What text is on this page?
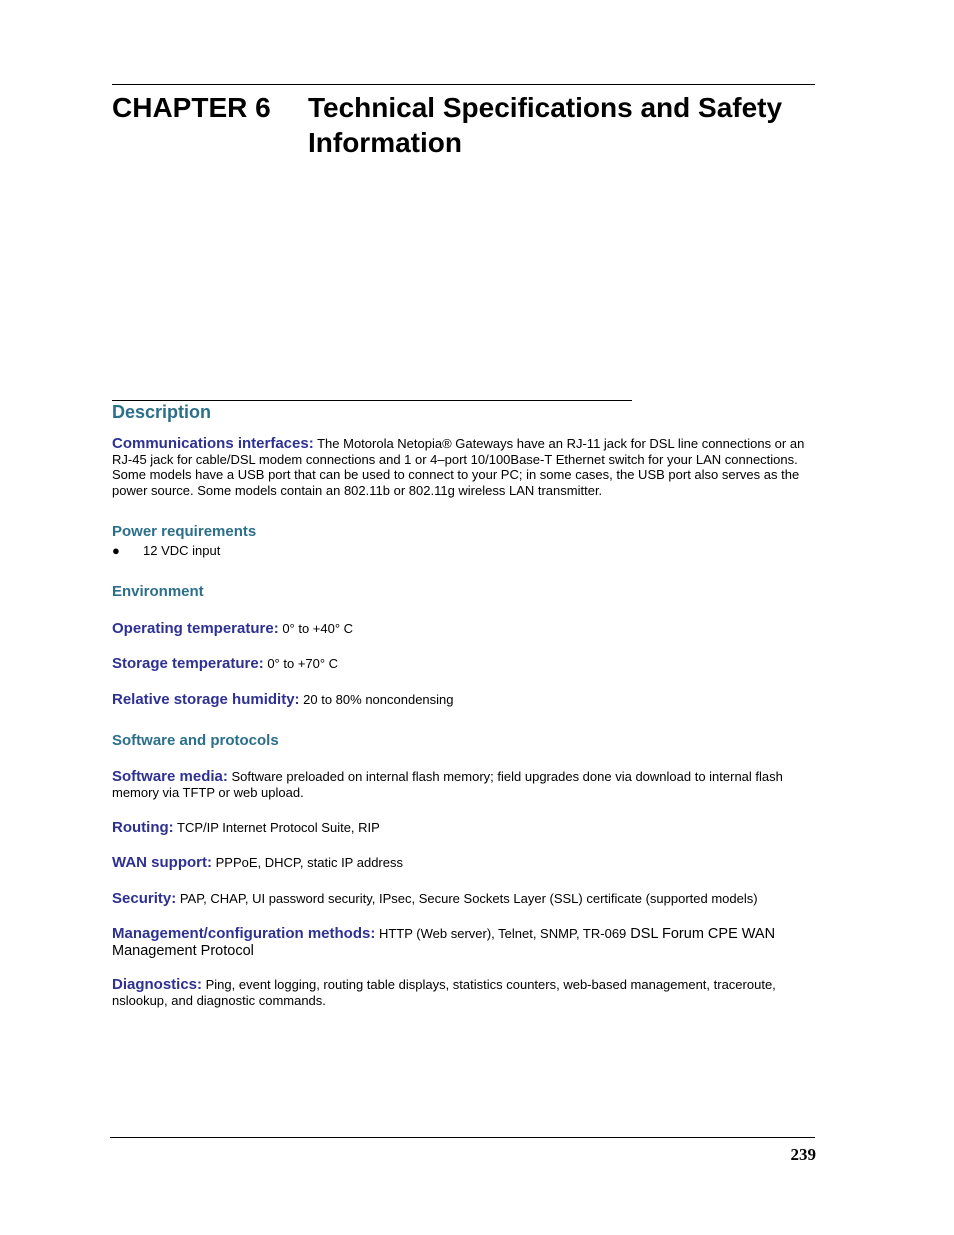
CHAPTER 6 Technical Specifications and Safety Information
Description
Communications interfaces: The Motorola Netopia® Gateways have an RJ-11 jack for DSL line connections or an RJ-45 jack for cable/DSL modem connections and 1 or 4–port 10/100Base-T Ethernet switch for your LAN connections. Some models have a USB port that can be used to connect to your PC; in some cases, the USB port also serves as the power source. Some models contain an 802.11b or 802.11g wireless LAN transmitter.
Power requirements
● 12 VDC input
Environment
Operating temperature: 0° to +40° C
Storage temperature: 0° to +70° C
Relative storage humidity: 20 to 80% noncondensing
Software and protocols
Software media: Software preloaded on internal flash memory; field upgrades done via download to internal flash memory via TFTP or web upload.
Routing: TCP/IP Internet Protocol Suite, RIP
WAN support: PPPoE, DHCP, static IP address
Security: PAP, CHAP, UI password security, IPsec, Secure Sockets Layer (SSL) certificate (supported models)
Management/configuration methods: HTTP (Web server), Telnet, SNMP, TR-069 DSL Forum CPE WAN Management Protocol
Diagnostics: Ping, event logging, routing table displays, statistics counters, web-based management, traceroute, nslookup, and diagnostic commands.
239
